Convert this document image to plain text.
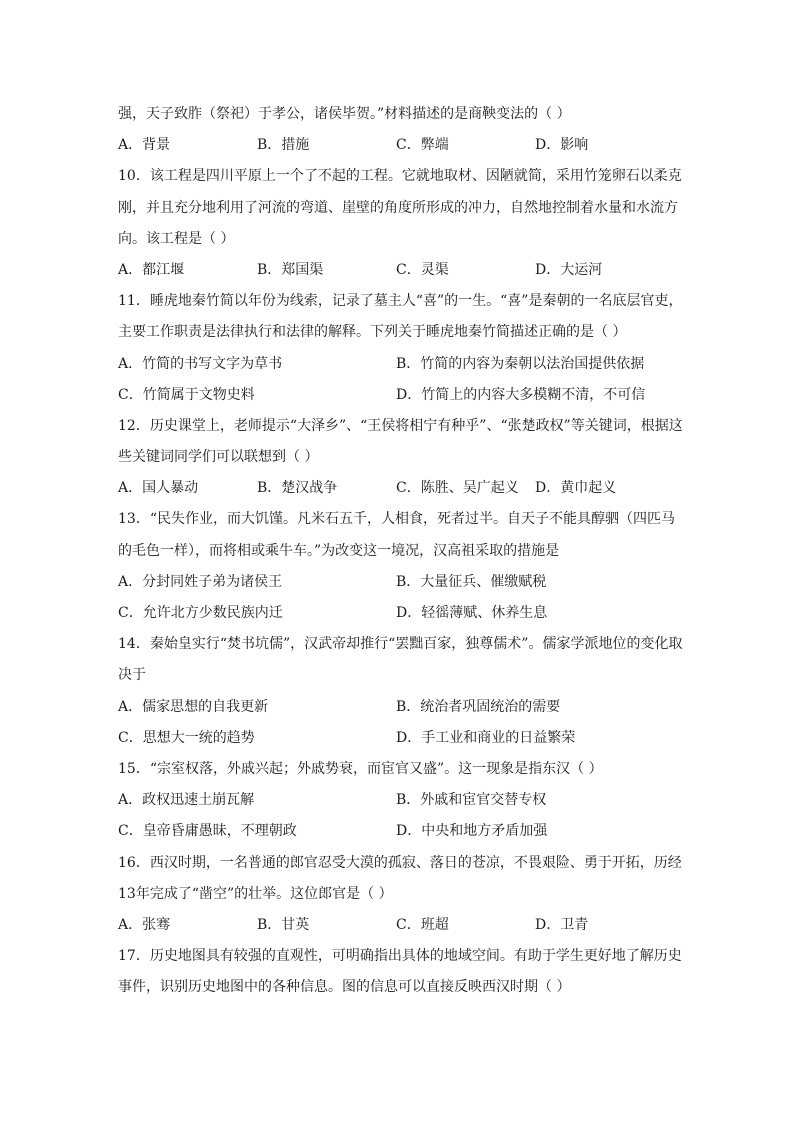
强，天子致胙（祭祀）于孝公，诸侯毕贺。”材料描述的是商鞅变法的（ ）
A．背景	B．措施	C．弊端	D．影响
10．该工程是四川平原上一个了不起的工程。它就地取材、因陋就简，采用竹笼卵石以柔克
刚，并且充分地利用了河流的弯道、崖壁的角度所形成的冲力，自然地控制着水量和水流方
向。该工程是（ ）
A．都江堰	B．郑国渠	C．灵渠	D．大运河
11．睡虎地秦竹简以年份为线索，记录了墓主人“喜”的一生。“喜”是秦朝的一名底层官吏，
主要工作职责是法律执行和法律的解释。下列关于睡虎地秦竹简描述正确的是（ ）
A．竹简的书写文字为草书	B．竹简的内容为秦朝以法治国提供依据
C．竹简属于文物史料	D．竹简上的内容大多模糊不清，不可信
12．历史课堂上，老师提示“大泽乡”、“王侯将相宁有种乎”、“张楚政权”等关键词，根据这
些关键词同学们可以联想到（ ）
A．国人暴动	B．楚汉战争	C．陈胜、吴广起义 D．黄巾起义
13．“民失作业，而大饥馑。凡米石五千，人相食，死者过半。自天子不能具醇驷（四匹马
的毛色一样），而将相或乘牛车。”为改变这一境况，汉高祖采取的措施是
A．分封同姓子弟为诸侯王	B．大量征兵、催缴赋税
C．允许北方少数民族内迁	D．轻徭薄赋、休养生息
14．秦始皇实行“焚书坑儒”，汉武帝却推行“罢黜百家，独尊儒术”。儒家学派地位的变化取
决于
A．儒家思想的自我更新	B．统治者巩固统治的需要
C．思想大一统的趋势	D．手工业和商业的日益繁荣
15．“宗室权落，外戚兴起；外戚势衰，而宦官又盛”。这一现象是指东汉（ ）
A．政权迅速土崩瓦解	B．外戚和宦官交替专权
C．皇帝昏庸愚昧，不理朝政	D．中央和地方矛盾加强
16．西汉时期，一名普通的郎官忍受大漠的孤寂、落日的苍凉，不畏艰险、勇于开拓，历经
13年完成了“凿空”的壮举。这位郎官是（ ）
A．张骞	B．甘英	C．班超	D．卫青
17．历史地图具有较强的直观性，可明确指出具体的地域空间。有助于学生更好地了解历史
事件，识别历史地图中的各种信息。图的信息可以直接反映西汉时期（ ）
